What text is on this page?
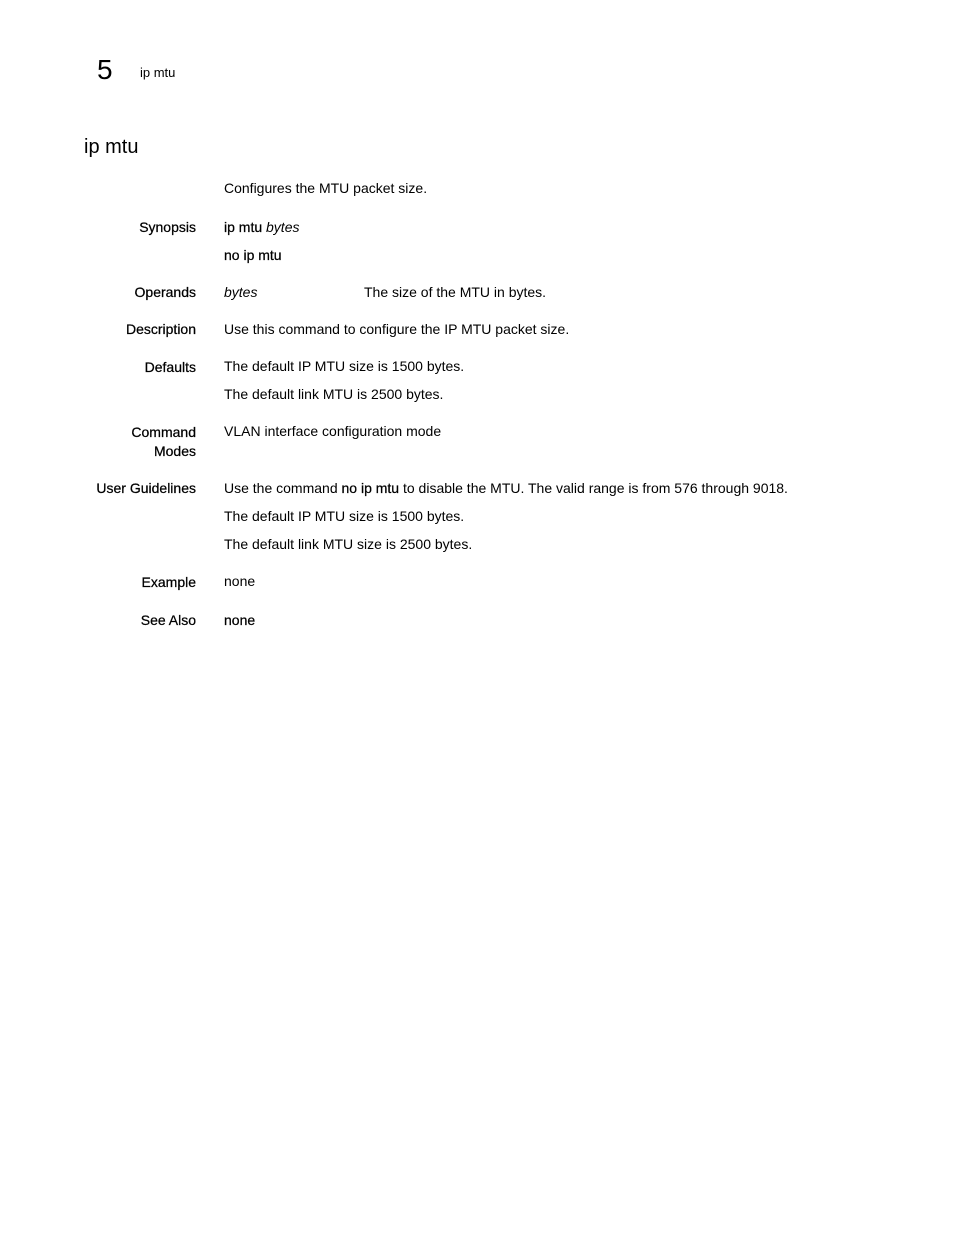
5 ip mtu
ip mtu
Configures the MTU packet size.
Synopsis ip mtu bytes
no ip mtu
Operands bytes	The size of the MTU in bytes.
Description Use this command to configure the IP MTU packet size.
Defaults The default IP MTU size is 1500 bytes.
The default link MTU is 2500 bytes.
Command
Modes
VLAN interface configuration mode
User Guidelines Use the command no ip mtu to disable the MTU. The valid range is from 576 through 9018.
The default IP MTU size is 1500 bytes.
The default link MTU size is 2500 bytes.
Example none
See Also none
